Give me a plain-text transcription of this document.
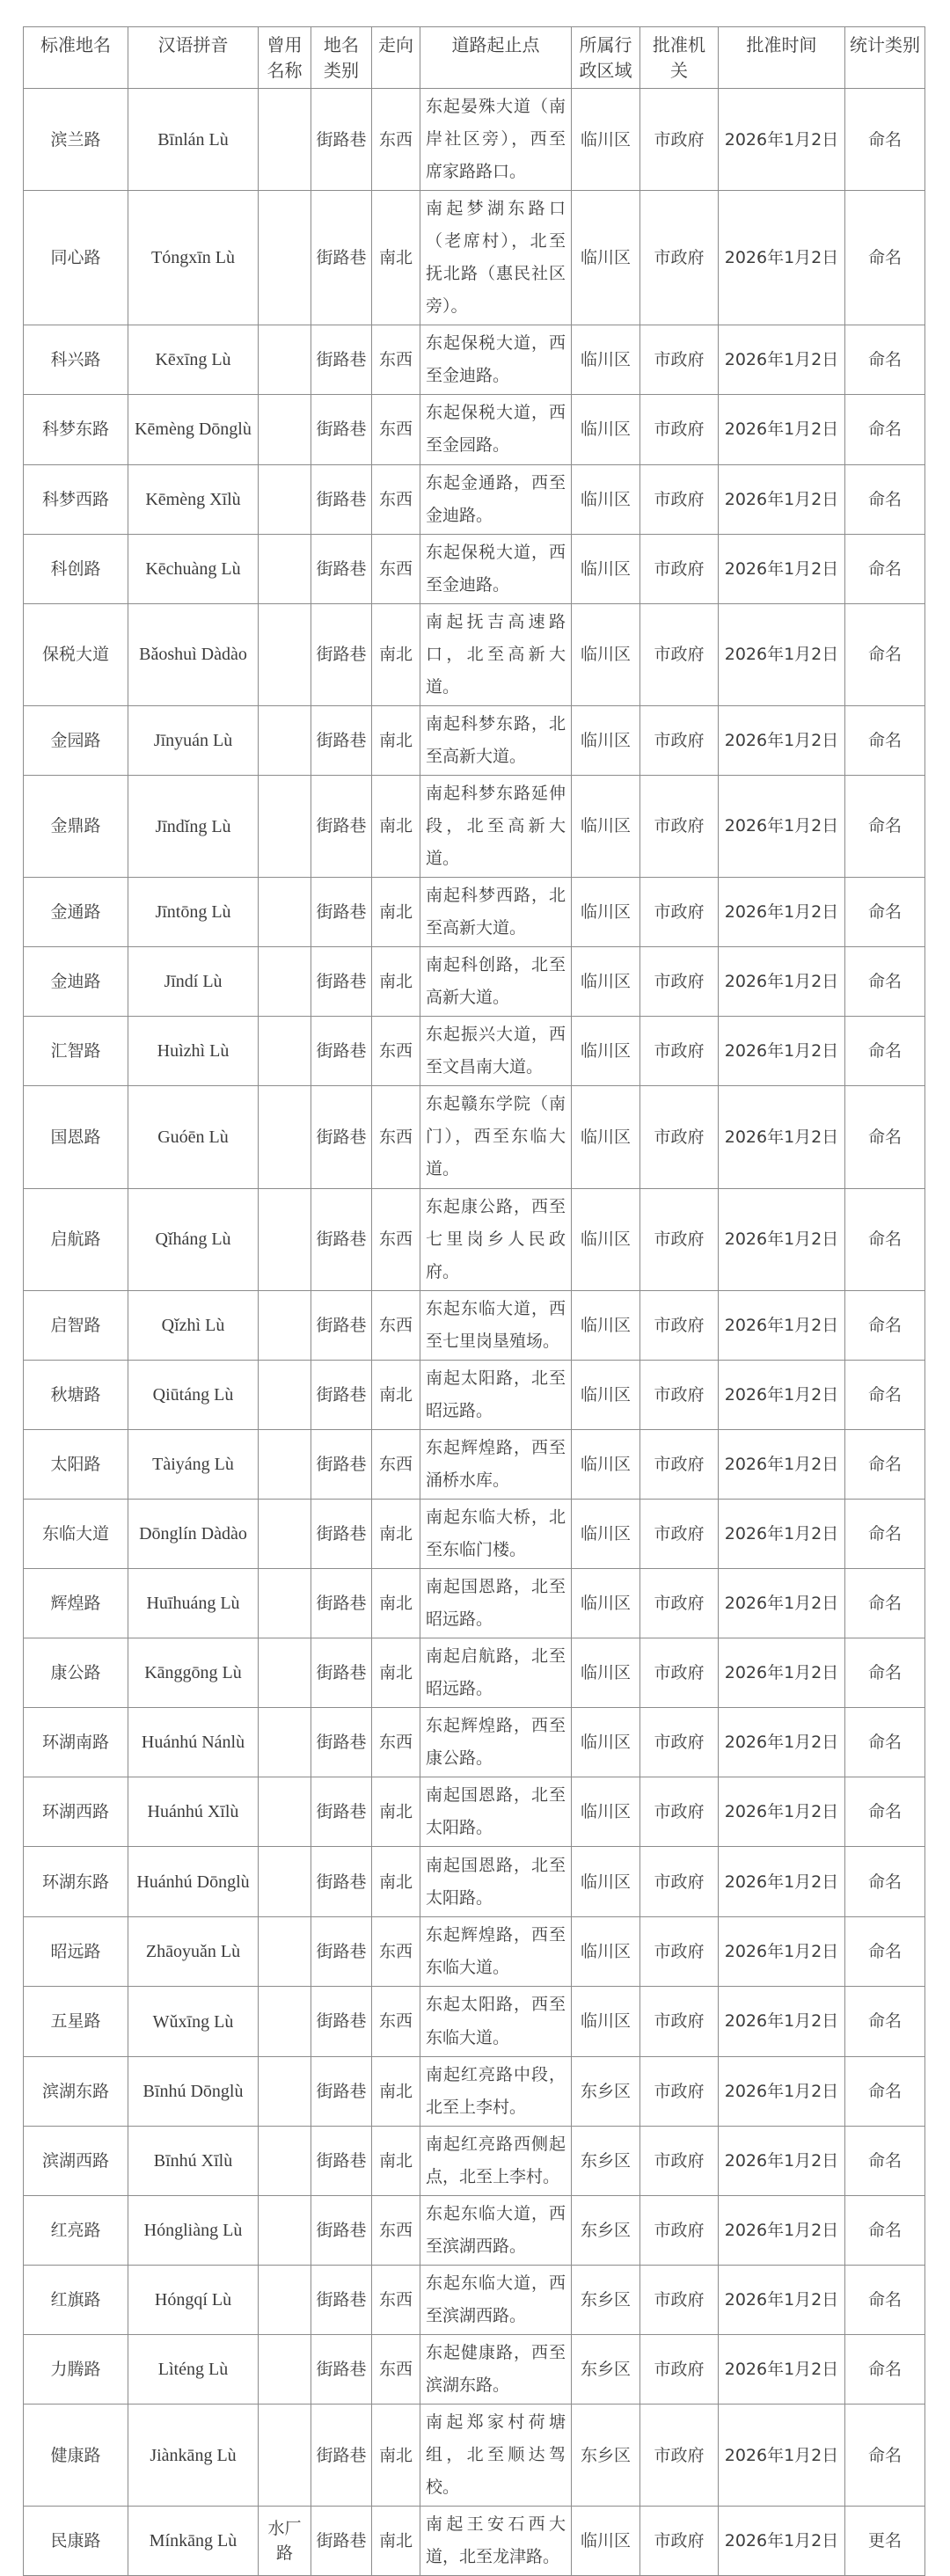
标准地名	汉语拼音	曾用名称	地名类别	走向	道路起止点	所属行政区域	批准机关	批准时间	统计类别
滨兰路	Bīnlán Lù		街路巷	东西	东起晏殊大道（南岸社区旁），西至席家路路口。	临川区	市政府	2026年1月2日	命名
同心路	Tóngxīn Lù		街路巷	南北	南起梦湖东路口（老席村），北至抚北路（惠民社区旁）。	临川区	市政府	2026年1月2日	命名
科兴路	Kēxīng Lù		街路巷	东西	东起保税大道，西至金迪路。	临川区	市政府	2026年1月2日	命名
科梦东路	Kēmèng Dōnglù		街路巷	东西	东起保税大道，西至金园路。	临川区	市政府	2026年1月2日	命名
科梦西路	Kēmèng Xīlù		街路巷	东西	东起金通路，西至金迪路。	临川区	市政府	2026年1月2日	命名
科创路	Kēchuàng Lù		街路巷	东西	东起保税大道，西至金迪路。	临川区	市政府	2026年1月2日	命名
保税大道	Bǎoshuì Dàdào		街路巷	南北	南起抚吉高速路口，北至高新大道。	临川区	市政府	2026年1月2日	命名
金园路	Jīnyuán Lù		街路巷	南北	南起科梦东路，北至高新大道。	临川区	市政府	2026年1月2日	命名
金鼎路	Jīndǐng Lù		街路巷	南北	南起科梦东路延伸段，北至高新大道。	临川区	市政府	2026年1月2日	命名
金通路	Jīntōng Lù		街路巷	南北	南起科梦西路，北至高新大道。	临川区	市政府	2026年1月2日	命名
金迪路	Jīndí Lù		街路巷	南北	南起科创路，北至高新大道。	临川区	市政府	2026年1月2日	命名
汇智路	Huìzhì Lù		街路巷	东西	东起振兴大道，西至文昌南大道。	临川区	市政府	2026年1月2日	命名
国恩路	Guóēn Lù		街路巷	东西	东起赣东学院（南门），西至东临大道。	临川区	市政府	2026年1月2日	命名
启航路	Qǐháng Lù		街路巷	东西	东起康公路，西至七里岗乡人民政府。	临川区	市政府	2026年1月2日	命名
启智路	Qǐzhì Lù		街路巷	东西	东起东临大道，西至七里岗垦殖场。	临川区	市政府	2026年1月2日	命名
秋塘路	Qiūtáng Lù		街路巷	南北	南起太阳路，北至昭远路。	临川区	市政府	2026年1月2日	命名
太阳路	Tàiyáng Lù		街路巷	东西	东起辉煌路，西至涌桥水库。	临川区	市政府	2026年1月2日	命名
东临大道	Dōnglín Dàdào		街路巷	南北	南起东临大桥，北至东临门楼。	临川区	市政府	2026年1月2日	命名
辉煌路	Huīhuáng Lù		街路巷	南北	南起国恩路，北至昭远路。	临川区	市政府	2026年1月2日	命名
康公路	Kānggōng Lù		街路巷	南北	南起启航路，北至昭远路。	临川区	市政府	2026年1月2日	命名
环湖南路	Huánhú Nánlù		街路巷	东西	东起辉煌路，西至康公路。	临川区	市政府	2026年1月2日	命名
环湖西路	Huánhú Xīlù		街路巷	南北	南起国恩路，北至太阳路。	临川区	市政府	2026年1月2日	命名
环湖东路	Huánhú Dōnglù		街路巷	南北	南起国恩路，北至太阳路。	临川区	市政府	2026年1月2日	命名
昭远路	Zhāoyuǎn Lù		街路巷	东西	东起辉煌路，西至东临大道。	临川区	市政府	2026年1月2日	命名
五星路	Wǔxīng Lù		街路巷	东西	东起太阳路，西至东临大道。	临川区	市政府	2026年1月2日	命名
滨湖东路	Bīnhú Dōnglù		街路巷	南北	南起红亮路中段，北至上李村。	东乡区	市政府	2026年1月2日	命名
滨湖西路	Bīnhú Xīlù		街路巷	南北	南起红亮路西侧起点，北至上李村。	东乡区	市政府	2026年1月2日	命名
红亮路	Hóngliàng Lù		街路巷	东西	东起东临大道，西至滨湖西路。	东乡区	市政府	2026年1月2日	命名
红旗路	Hóngqí Lù		街路巷	东西	东起东临大道，西至滨湖西路。	东乡区	市政府	2026年1月2日	命名
力腾路	Lìténg Lù		街路巷	东西	东起健康路，西至滨湖东路。	东乡区	市政府	2026年1月2日	命名
健康路	Jiànkāng Lù		街路巷	南北	南起郑家村荷塘组，北至顺达驾校。	东乡区	市政府	2026年1月2日	命名
民康路	Mínkāng Lù	水厂路	街路巷	南北	南起王安石西大道，北至龙津路。	临川区	市政府	2026年1月2日	更名
